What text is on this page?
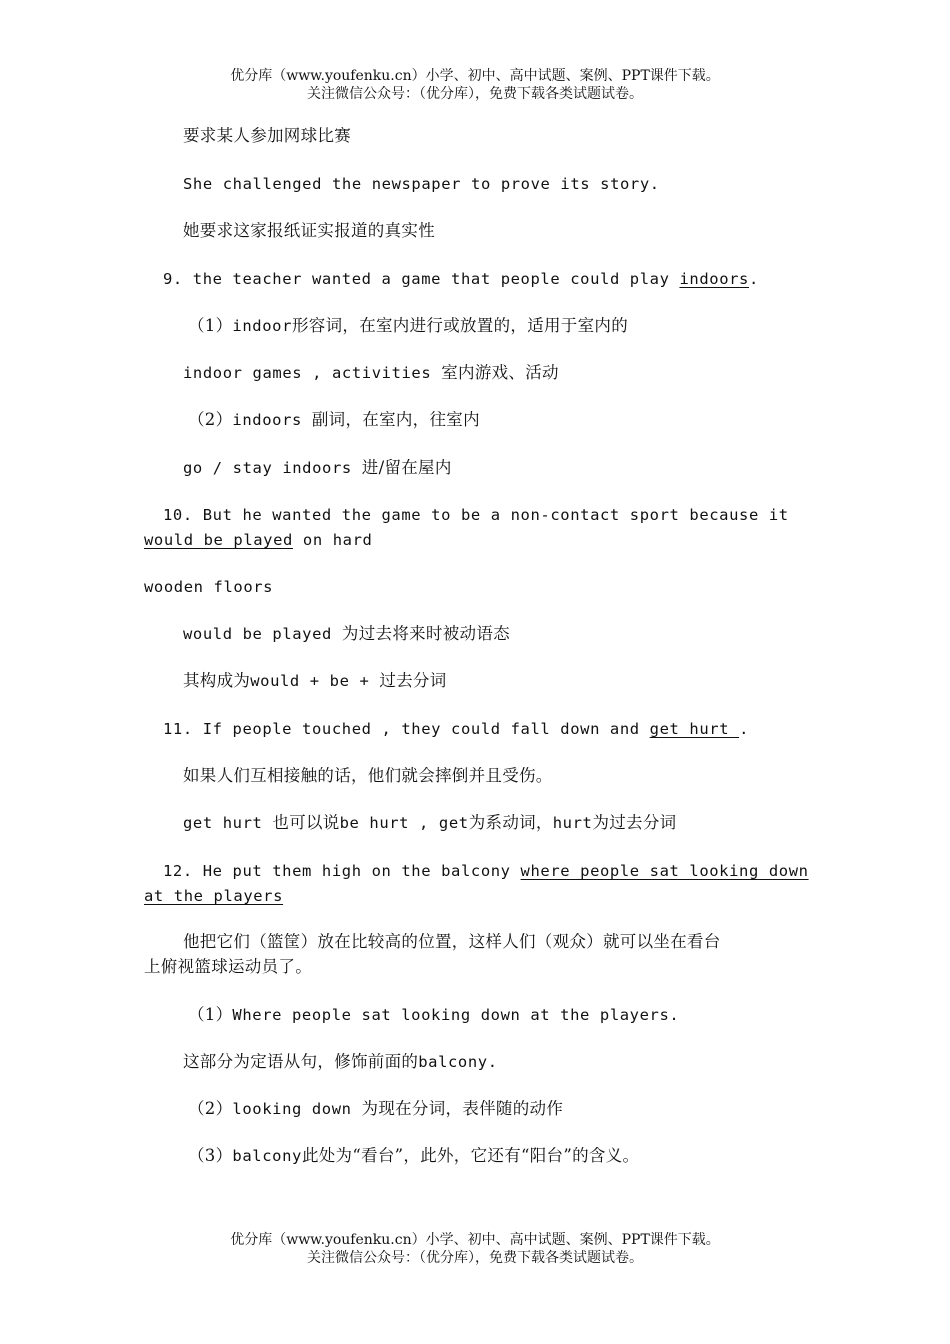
优分库（www.youfenku.cn）小学、初中、高中试题、案例、PPT课件下载。
关注微信公众号：（优分库），免费下载各类试题试卷。
要求某人参加网球比赛
She challenged the newspaper to prove its story.
她要求这家报纸证实报道的真实性
9. the teacher wanted a game that people could play indoors.
（1）indoor形容词，在室内进行或放置的，适用于室内的
indoor games , activities 室内游戏、活动
（2）indoors 副词，在室内，往室内
go / stay indoors 进/留在屋内
10. But he wanted the game to be a non-contact sport because it
would be played on hard
wooden floors
would be played 为过去将来时被动语态
其构成为would + be + 过去分词
11. If people touched , they could fall down and get hurt .
如果人们互相接触的话，他们就会摔倒并且受伤。
get hurt 也可以说be hurt , get为系动词，hurt为过去分词
12. He put them high on the balcony where people sat looking down
at the players
他把它们（篮筐）放在比较高的位置，这样人们（观众）就可以坐在看台
上俯视篮球运动员了。
（1）Where people sat looking down at the players.
这部分为定语从句，修饰前面的balcony.
（2）looking down 为现在分词，表伴随的动作
（3）balcony此处为“看台”，此外，它还有“阳台”的含义。
优分库（www.youfenku.cn）小学、初中、高中试题、案例、PPT课件下载。
关注微信公众号：（优分库），免费下载各类试题试卷。
